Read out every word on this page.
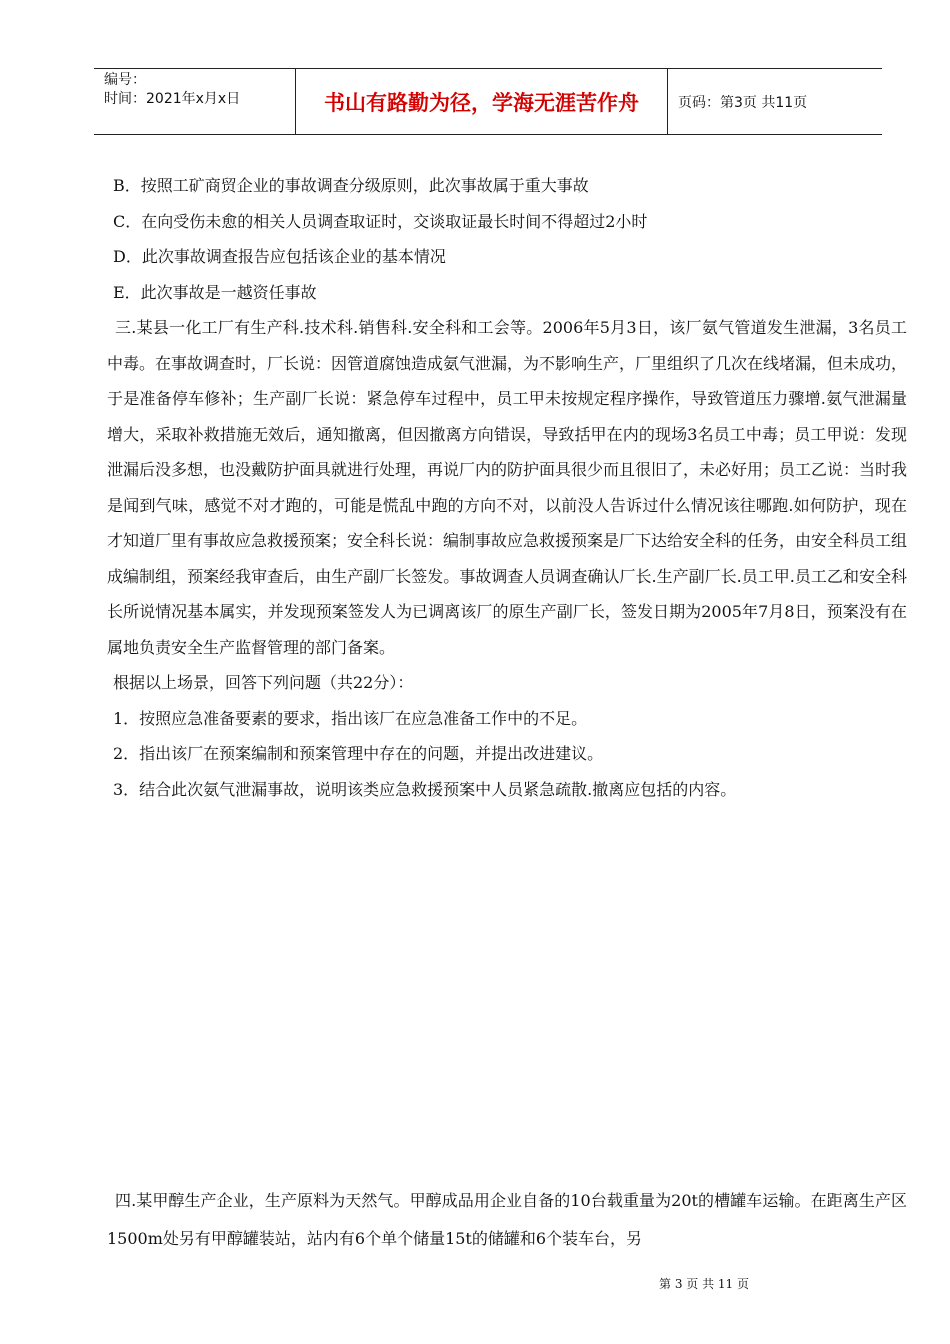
编号：
时间：2021年x月x日	书山有路勤为径，学海无涯苦作舟	页码：第3页 共11页

B．按照工矿商贸企业的事故调查分级原则，此次事故属于重大事故

C．在向受伤未愈的相关人员调查取证时，交谈取证最长时间不得超过2小时

D．此次事故调查报告应包括该企业的基本情况

E．此次事故是一越资任事故

三.某县一化工厂有生产科.技术科.销售科.安全科和工会等。2006年5月3日，该厂氨气管道发生泄漏，3名员工中毒。在事故调查时，厂长说：因管道腐蚀造成氨气泄漏，为不影响生产，厂里组织了几次在线堵漏，但未成功，于是准备停车修补；生产副厂长说：紧急停车过程中，员工甲未按规定程序操作，导致管道压力骤增.氨气泄漏量增大，采取补救措施无效后，通知撤离，但因撤离方向错误，导致括甲在内的现场3名员工中毒；员工甲说：发现泄漏后没多想，也没戴防护面具就进行处理，再说厂内的防护面具很少而且很旧了，未必好用；员工乙说：当时我是闻到气味，感觉不对才跑的，可能是慌乱中跑的方向不对，以前没人告诉过什么情况该往哪跑.如何防护，现在才知道厂里有事故应急救援预案；安全科长说：编制事故应急救援预案是厂下达给安全科的任务，由安全科员工组成编制组，预案经我审查后，由生产副厂长签发。事故调查人员调查确认厂长.生产副厂长.员工甲.员工乙和安全科长所说情况基本属实，并发现预案签发人为已调离该厂的原生产副厂长，签发日期为2005年7月8日，预案没有在属地负责安全生产监督管理的部门备案。

根据以上场景，回答下列问题（共22分）：

1．按照应急准备要素的要求，指出该厂在应急准备工作中的不足。

2．指出该厂在预案编制和预案管理中存在的问题，并提出改进建议。

3．结合此次氨气泄漏事故，说明该类应急救援预案中人员紧急疏散.撤离应包括的内容。

四.某甲醇生产企业，生产原料为天然气。甲醇成品用企业自备的10台载重量为20t的槽罐车运输。在距离生产区1500m处另有甲醇罐装站，站内有6个单个储量15t的储罐和6个装车台，另
第 3 页 共 11 页
